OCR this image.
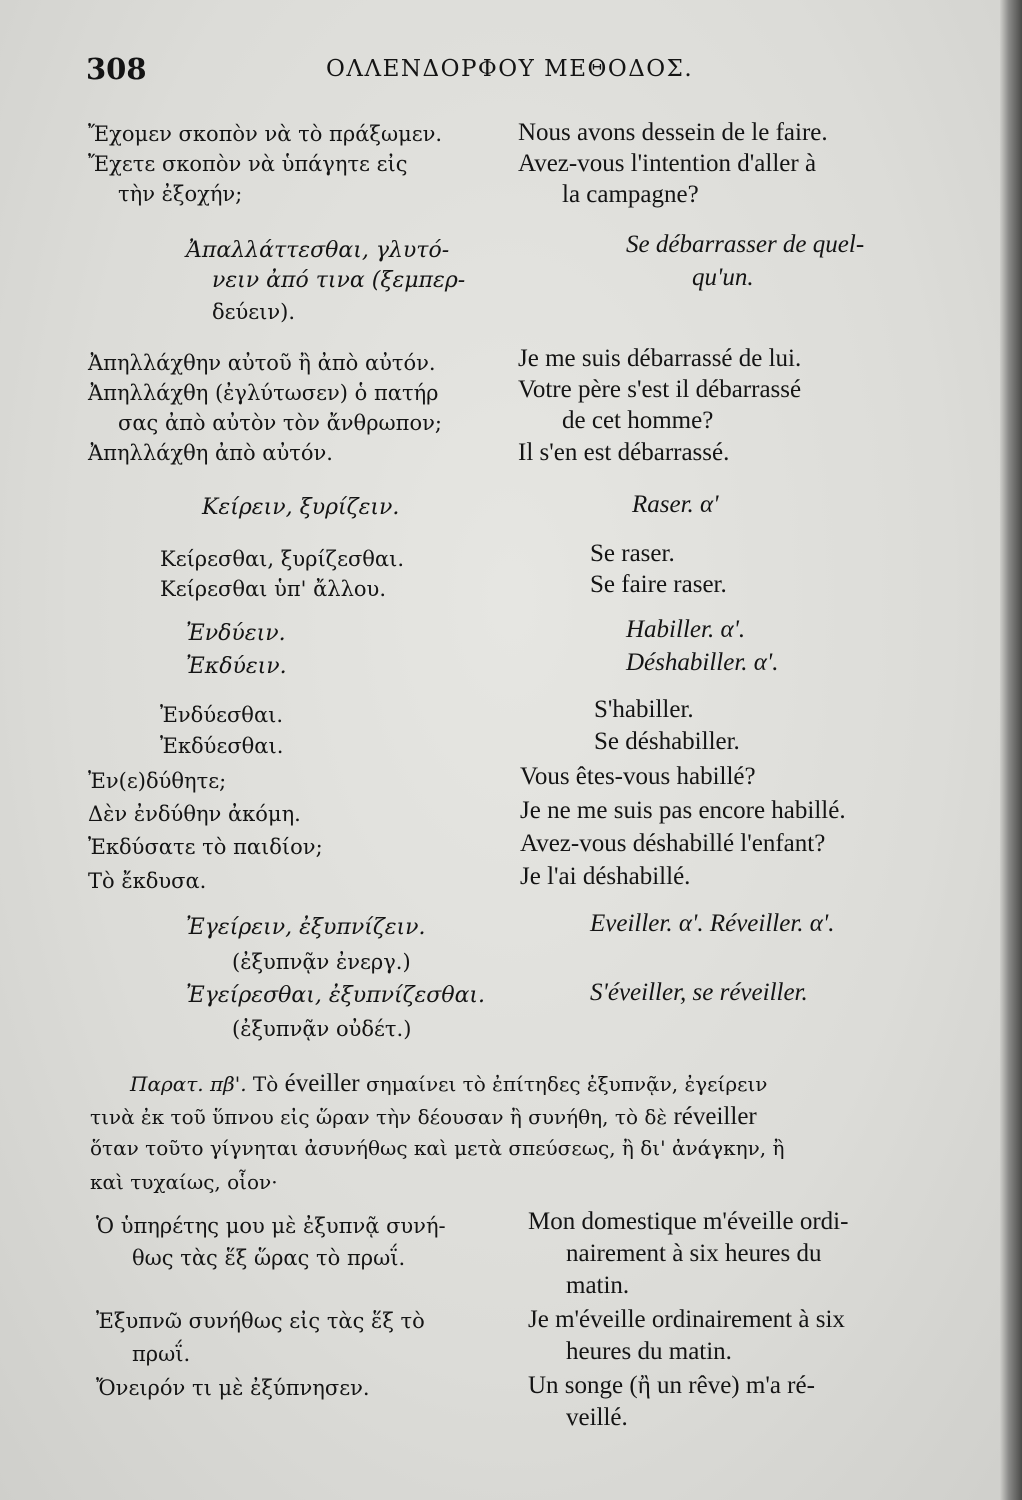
308	ΟΛΛΕΝΔΟΡΦΟΥ ΜΕΘΟΔΟΣ.
Ἔχομεν σκοπὸν νὰ τὸ πράξωμεν.
Ἔχετε σκοπὸν νὰ ὑπάγητε εἰς
τὴν ἐξοχήν;
Ἀπαλλάττεσθαι, γλυτό-
νειν ἀπό τινα (ξεμπερ-
δεύειν).
Ἀπηλλάχθην αὐτοῦ ἢ ἀπὸ αὐτόν.
Ἀπηλλάχθη (ἐγλύτωσεν) ὁ πατήρ
σας ἀπὸ αὐτὸν τὸν ἄνθρωπον;
Ἀπηλλάχθη ἀπὸ αὐτόν.
Κείρειν, ξυρίζειν.
Κείρεσθαι, ξυρίζεσθαι.
Κείρεσθαι ὑπ' ἄλλου.
Ἐνδύειν.
Ἐκδύειν.
Ἐνδύεσθαι.
Ἐκδύεσθαι.
Ἐν(ε)δύθητε;
Δὲν ἐνδύθην ἀκόμη.
Ἐκδύσατε τὸ παιδίον;
Τὸ ἔκδυσα.
Ἐγείρειν, ἐξυπνίζειν.
(ἐξυπνᾷν ἐνεργ.)
Ἐγείρεσθαι, ἐξυπνίζεσθαι.
(ἐξυπνᾷν οὐδέτ.)
Nous avons dessein de le faire.
Avez-vous l'intention d'aller à
la campagne?
Se débarrasser de quel-
qu'un.
Je me suis débarrassé de lui.
Votre père s'est il débarrassé
de cet homme?
Il s'en est débarrassé.
Raser. α'
Se raser.
Se faire raser.
Habiller. α'.
Déshabiller. α'.
S'habiller.
Se déshabiller.
Vous êtes-vous habillé?
Je ne me suis pas encore habillé.
Avez-vous déshabillé l'enfant?
Je l'ai déshabillé.
Eveiller. α'. Réveiller. α'.
S'éveiller, se réveiller.
Παρατ. πβ'. Τὸ éveiller σημαίνει τὸ ἐπίτηδες ἐξυπνᾷν, ἐγείρειν
τινὰ ἐκ τοῦ ὕπνου εἰς ὥραν τὴν δέουσαν ἢ συνήθη, τὸ δὲ réveiller
ὅταν τοῦτο γίγνηται ἀσυνήθως καὶ μετὰ σπεύσεως, ἢ δι' ἀνάγκην, ἢ
καὶ τυχαίως, οἷον·
Ὁ ὑπηρέτης μου μὲ ἐξυπνᾷ συνή-
θως τὰς ἕξ ὥρας τὸ πρωΐ.
Ἐξυπνῶ συνήθως εἰς τὰς ἕξ τὸ
πρωΐ.
Ὄνειρόν τι μὲ ἐξύπνησεν.
Mon domestique m'éveille ordi-
nairement à six heures du
matin.
Je m'éveille ordinairement à six
heures du matin.
Un songe (ἢ un rêve) m'a ré-
veillé.
